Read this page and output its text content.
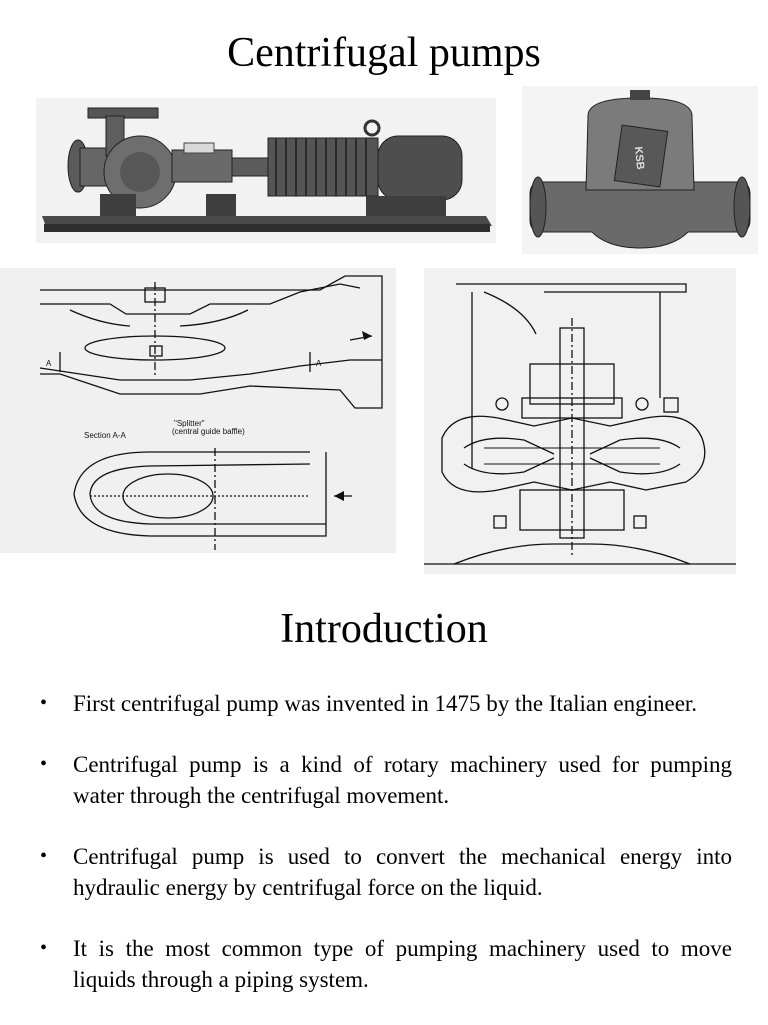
Centrifugal pumps
KSB
A	A
"Splitter"
(central guide baffle)
Section A-A
Introduction
• First centrifugal pump was invented in 1475 by the Italian engineer.
• Centrifugal pump is a kind of rotary machinery used for pumping water through the centrifugal movement.
• Centrifugal pump is used to convert the mechanical energy into hydraulic energy by centrifugal force on the liquid.
• It is the most common type of pumping machinery used to move liquids through a piping system.
